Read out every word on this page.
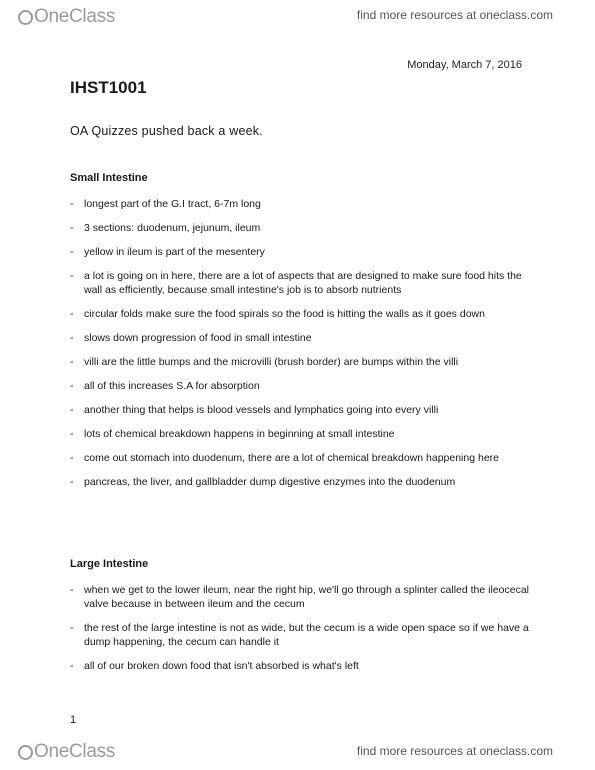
OneClass	find more resources at oneclass.com
Monday, March 7, 2016
IHST1001
OA Quizzes pushed back a week.
Small Intestine
- longest part of the G.I tract, 6-7m long
- 3 sections: duodenum, jejunum, ileum
- yellow in ileum is part of the mesentery
- a lot is going on in here, there are a lot of aspects that are designed to make sure food hits the wall as efficiently, because small intestine's job is to absorb nutrients
- circular folds make sure the food spirals so the food is hitting the walls as it goes down
- slows down progression of food in small intestine
- villi are the little bumps and the microvilli (brush border) are bumps within the villi
- all of this increases S.A for absorption
- another thing that helps is blood vessels and lymphatics going into every villi
- lots of chemical breakdown happens in beginning at small intestine
- come out stomach into duodenum, there are a lot of chemical breakdown happening here
- pancreas, the liver, and gallbladder dump digestive enzymes into the duodenum
Large Intestine
- when we get to the lower ileum, near the right hip, we'll go through a splinter called the ileocecal valve because in between ileum and the cecum
- the rest of the large intestine is not as wide, but the cecum is a wide open space so if we have a dump happening, the cecum can handle it
- all of our broken down food that isn't absorbed is what's left
1
OneClass	find more resources at oneclass.com
